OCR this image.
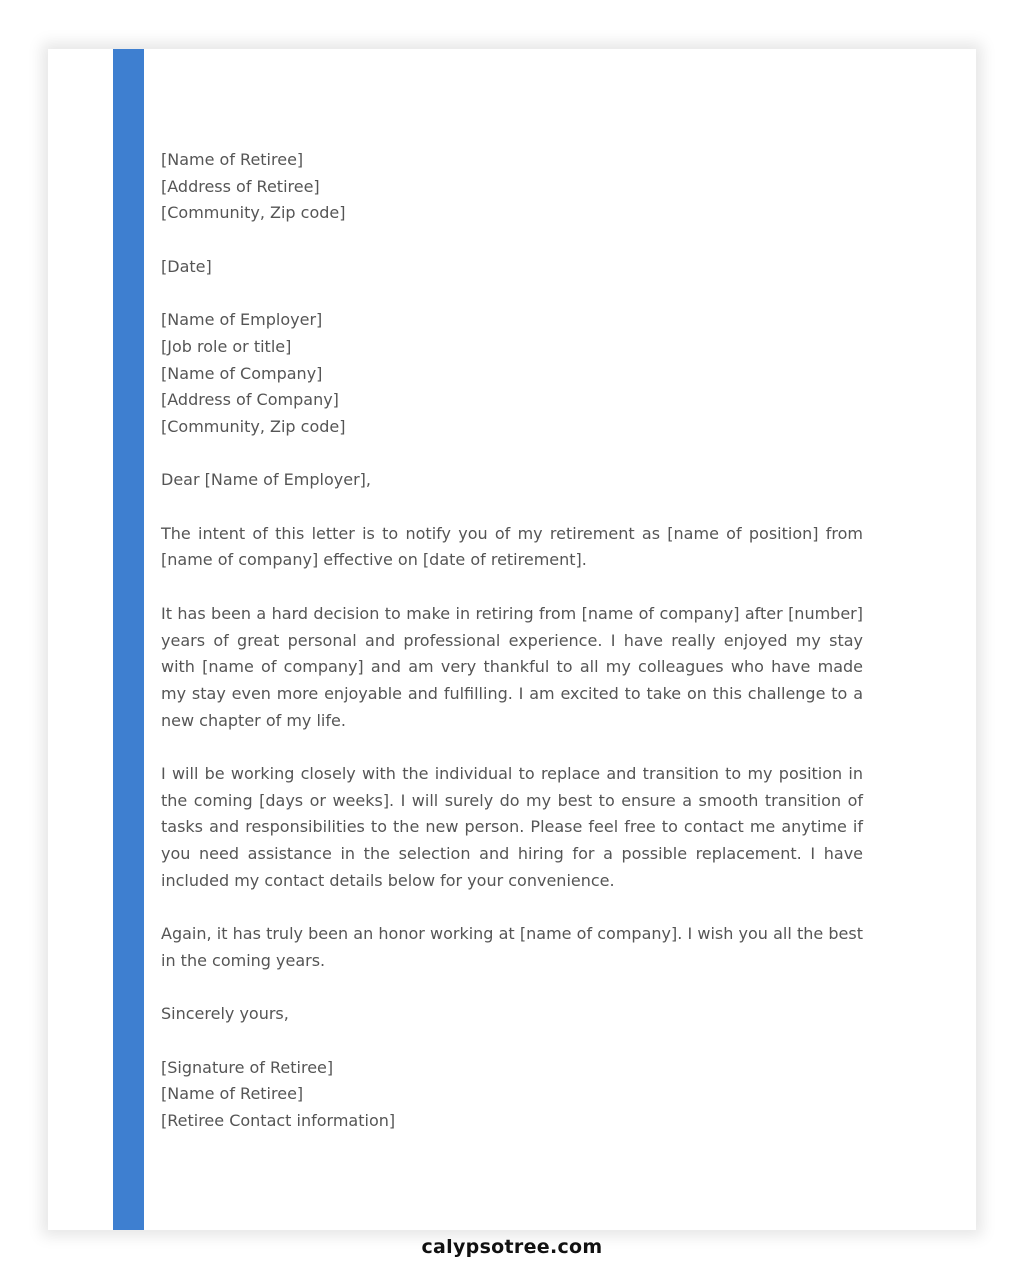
[Name of Retiree]
[Address of Retiree]
[Community, Zip code]
[Date]
[Name of Employer]
[Job role or title]
[Name of Company]
[Address of Company]
[Community, Zip code]
Dear [Name of Employer],

The intent of this letter is to notify you of my retirement as [name of position] from [name of company] effective on [date of retirement].

It has been a hard decision to make in retiring from [name of company] after [number] years of great personal and professional experience. I have really enjoyed my stay with [name of company] and am very thankful to all my colleagues who have made my stay even more enjoyable and fulfilling. I am excited to take on this challenge to a new chapter of my life.

I will be working closely with the individual to replace and transition to my position in the coming [days or weeks]. I will surely do my best to ensure a smooth transition of tasks and responsibilities to the new person. Please feel free to contact me anytime if you need assistance in the selection and hiring for a possible replacement. I have included my contact details below for your convenience.

Again, it has truly been an honor working at [name of company]. I wish you all the best in the coming years.

Sincerely yours,
[Signature of Retiree]
[Name of Retiree]
[Retiree Contact information]
calypsotree.com
